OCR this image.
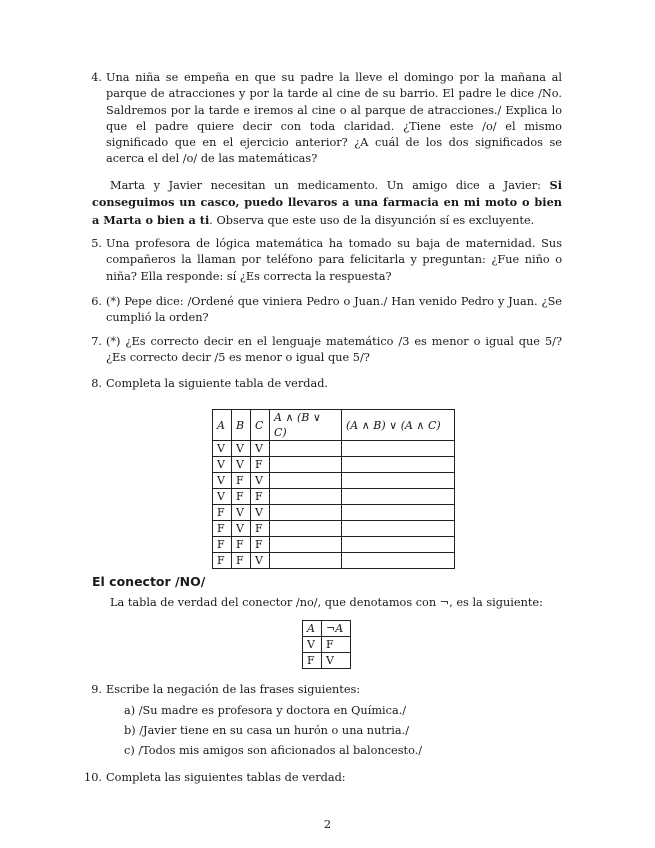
4. Una niña se empeña en que su padre la lleve el domingo por la mañana al parque de atracciones y por la tarde al cine de su barrio. El padre le dice /No. Saldremos por la tarde e iremos al cine o al parque de atracciones./ Explica lo que el padre quiere decir con toda claridad. ¿Tiene este /o/ el mismo significado que en el ejercicio anterior? ¿A cuál de los dos significados se acerca el del /o/ de las matemáticas?

Marta y Javier necesitan un medicamento. Un amigo dice a Javier: Si conseguimos un casco, puedo llevaros a una farmacia en mi moto o bien a Marta o bien a ti. Observa que este uso de la disyunción sí es excluyente.

5. Una profesora de lógica matemática ha tomado su baja de maternidad. Sus compañeros la llaman por teléfono para felicitarla y preguntan: ¿Fue niño o niña? Ella responde: sí ¿Es correcta la respuesta?

6. (*) Pepe dice: /Ordené que viniera Pedro o Juan./ Han venido Pedro y Juan. ¿Se cumplió la orden?

7. (*) ¿Es correcto decir en el lenguaje matemático /3 es menor o igual que 5/? ¿Es correcto decir /5 es menor o igual que 5/?

8. Completa la siguiente tabla de verdad.

A	B	C	A ∧ (B ∨ C)	(A ∧ B) ∨ (A ∧ C)
V	V	V		
V	V	F		
V	F	V		
V	F	F		
F	V	V		
F	V	F		
F	F	F		
F	F	V		
El conector /NO/

La tabla de verdad del conector /no/, que denotamos con ¬, es la siguiente:

A	¬A
V	F
F	V
9. Escribe la negación de las frases siguientes:

a) /Su madre es profesora y doctora en Química./
b) /Javier tiene en su casa un hurón o una nutria./
c) /Todos mis amigos son aficionados al baloncesto./
10. Completa las siguientes tablas de verdad:

2
